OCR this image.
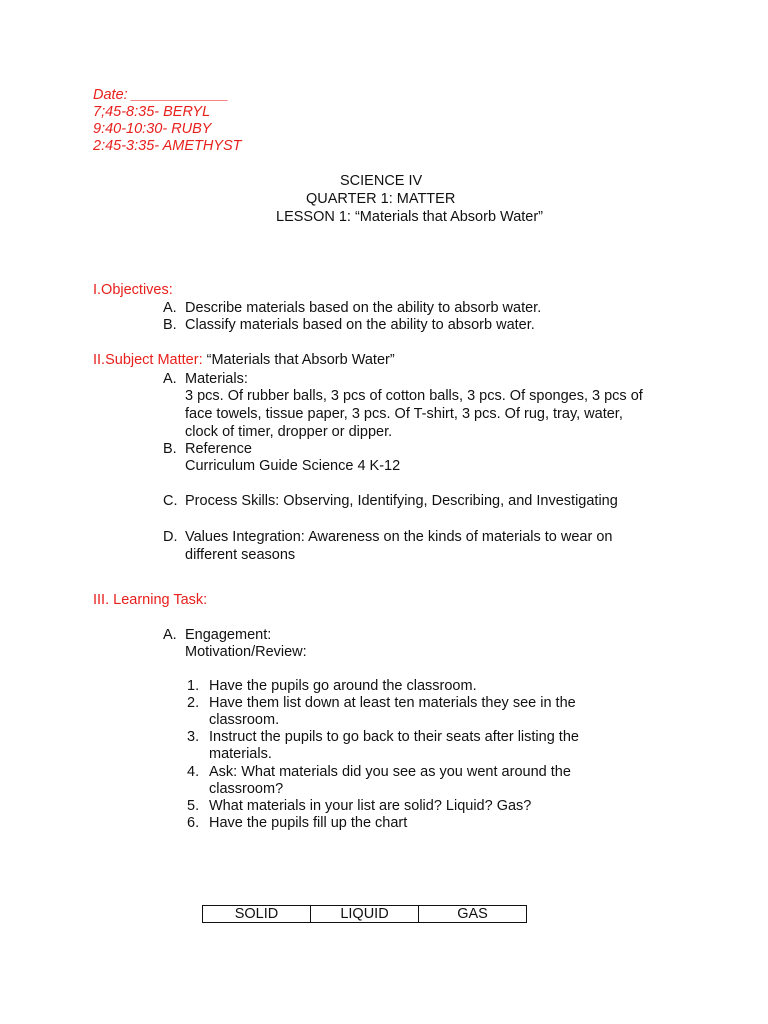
Date: ____________
7;45-8:35- BERYL
9:40-10:30- RUBY
2:45-3:35- AMETHYST
SCIENCE IV
QUARTER 1: MATTER
LESSON 1: “Materials that Absorb Water”
I.Objectives:
A. Describe materials based on the ability to absorb water.
B. Classify materials based on the ability to absorb water.
II.Subject Matter: “Materials that Absorb Water”
A. Materials:
3 pcs. Of rubber balls, 3 pcs of cotton balls, 3 pcs. Of sponges, 3 pcs of
face towels, tissue paper, 3 pcs. Of T-shirt, 3 pcs. Of rug, tray, water,
clock of timer, dropper or dipper.
B. Reference
Curriculum Guide Science 4 K-12
C. Process Skills: Observing, Identifying, Describing, and Investigating
D. Values Integration: Awareness on the kinds of materials to wear on
different seasons
III. Learning Task:
A. Engagement:
Motivation/Review:
1. Have the pupils go around the classroom.
2. Have them list down at least ten materials they see in the
classroom.
3. Instruct the pupils to go back to their seats after listing the
materials.
4. Ask: What materials did you see as you went around the
classroom?
5. What materials in your list are solid? Liquid? Gas?
6. Have the pupils fill up the chart
SOLID	LIQUID	GAS
